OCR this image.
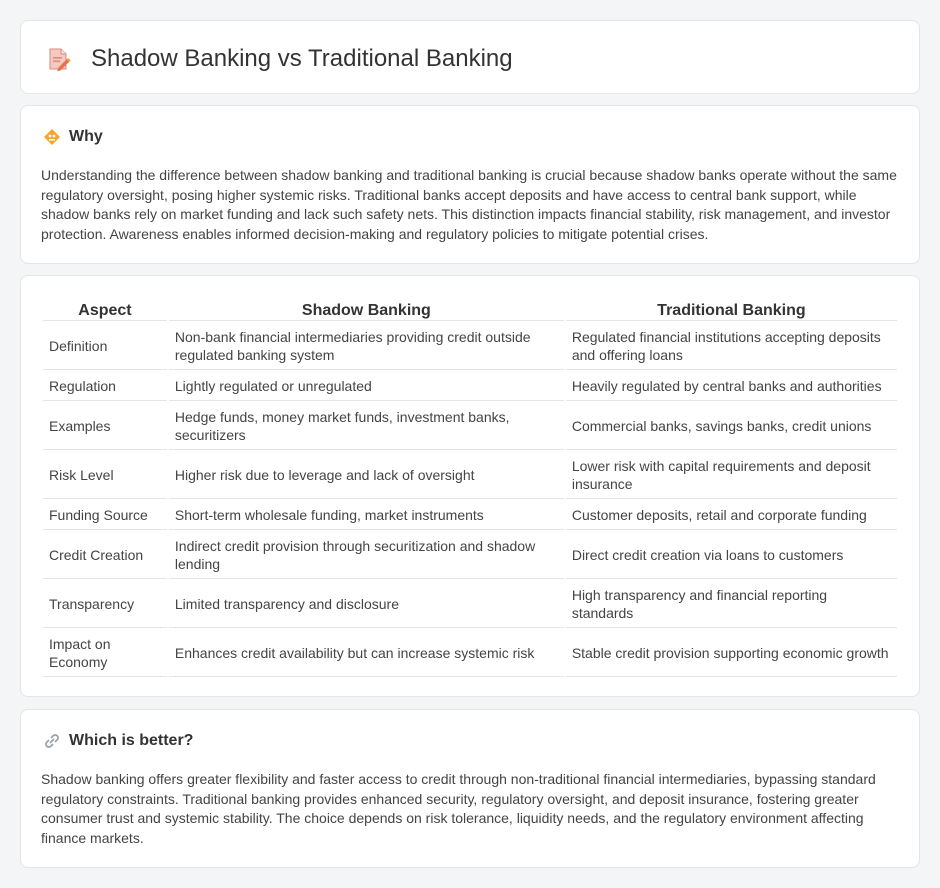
Shadow Banking vs Traditional Banking
Why

Understanding the difference between shadow banking and traditional banking is crucial because shadow banks operate without the same regulatory oversight, posing higher systemic risks. Traditional banks accept deposits and have access to central bank support, while shadow banks rely on market funding and lack such safety nets. This distinction impacts financial stability, risk management, and investor protection. Awareness enables informed decision-making and regulatory policies to mitigate potential crises.

Aspect	Shadow Banking	Traditional Banking
Definition	Non-bank financial intermediaries providing credit outside regulated banking system	Regulated financial institutions accepting deposits and offering loans
Regulation	Lightly regulated or unregulated	Heavily regulated by central banks and authorities
Examples	Hedge funds, money market funds, investment banks, securitizers	Commercial banks, savings banks, credit unions
Risk Level	Higher risk due to leverage and lack of oversight	Lower risk with capital requirements and deposit insurance
Funding Source	Short-term wholesale funding, market instruments	Customer deposits, retail and corporate funding
Credit Creation	Indirect credit provision through securitization and shadow lending	Direct credit creation via loans to customers
Transparency	Limited transparency and disclosure	High transparency and financial reporting standards
Impact on Economy	Enhances credit availability but can increase systemic risk	Stable credit provision supporting economic growth
Which is better?

Shadow banking offers greater flexibility and faster access to credit through non-traditional financial intermediaries, bypassing standard regulatory constraints. Traditional banking provides enhanced security, regulatory oversight, and deposit insurance, fostering greater consumer trust and systemic stability. The choice depends on risk tolerance, liquidity needs, and the regulatory environment affecting finance markets.
